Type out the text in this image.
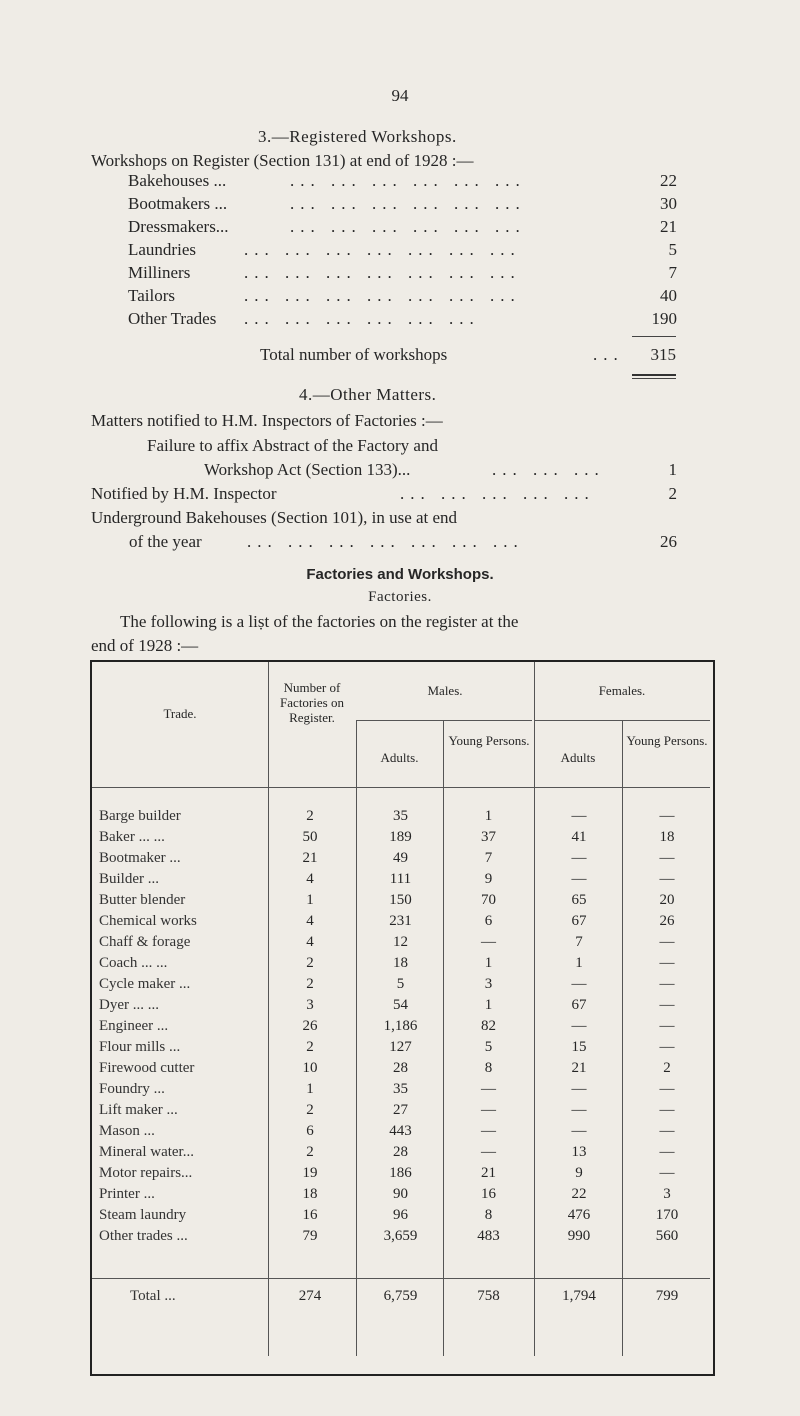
94
3.—Registered Workshops.
Workshops on Register (Section 131) at end of 1928 :—
Bakehouses ...	... ... ... ... ... ...	22
Bootmakers ...	... ... ... ... ... ...	30
Dressmakers...	... ... ... ... ... ...	21
Laundries	... ... ... ... ... ... ...	5
Milliners	... ... ... ... ... ... ...	7
Tailors	... ... ... ... ... ... ...	40
Other Trades ... ... ... ... ... ...	190
Total number of workshops	...	315
4.—Other Matters.
Matters notified to H.M. Inspectors of Factories :—
Failure to affix Abstract of the Factory and
Workshop Act (Section 133)...	... ... ...	1
Notified by H.M. Inspector	... ... ... ... ...	2
Underground Bakehouses (Section 101), in use at end
of the year	... ... ... ... ... ... ...	26
Factories and Workshops.
Factories.
The following is a liṣt of the factories on the register at the
end of 1928 :—
Trade.
Number of Factories on Register.
Males.	Females.
Adults.
Young Persons.
Adults
Young Persons.
Barge builder	2	35	1	—	—
Baker ... ...	50	189	37	41	18
Bootmaker ...	21	49	7	—	—
Builder ...	4	111	9	—	—
Butter blender	1	150	70	65	20
Chemical works	4	231	6	67	26
Chaff & forage	4	12	—	7	—
Coach ... ...	2	18	1	1	—
Cycle maker ...	2	5	3	—	—
Dyer ... ...	3	54	1	67	—
Engineer ...	26	1,186	82	—	—
Flour mills ...	2	127	5	15	—
Firewood cutter	10	28	8	21	2
Foundry ...	1	35	—	—	—
Lift maker ...	2	27	—	—	—
Mason ...	6	443	—	—	—
Mineral water...	2	28	—	13	—
Motor repairs...	19	186	21	9	—
Printer ...	18	90	16	22	3
Steam laundry	16	96	8	476	170
Other trades ...	79	3,659	483	990	560
Total ...	274	6,759	758	1,794	799
